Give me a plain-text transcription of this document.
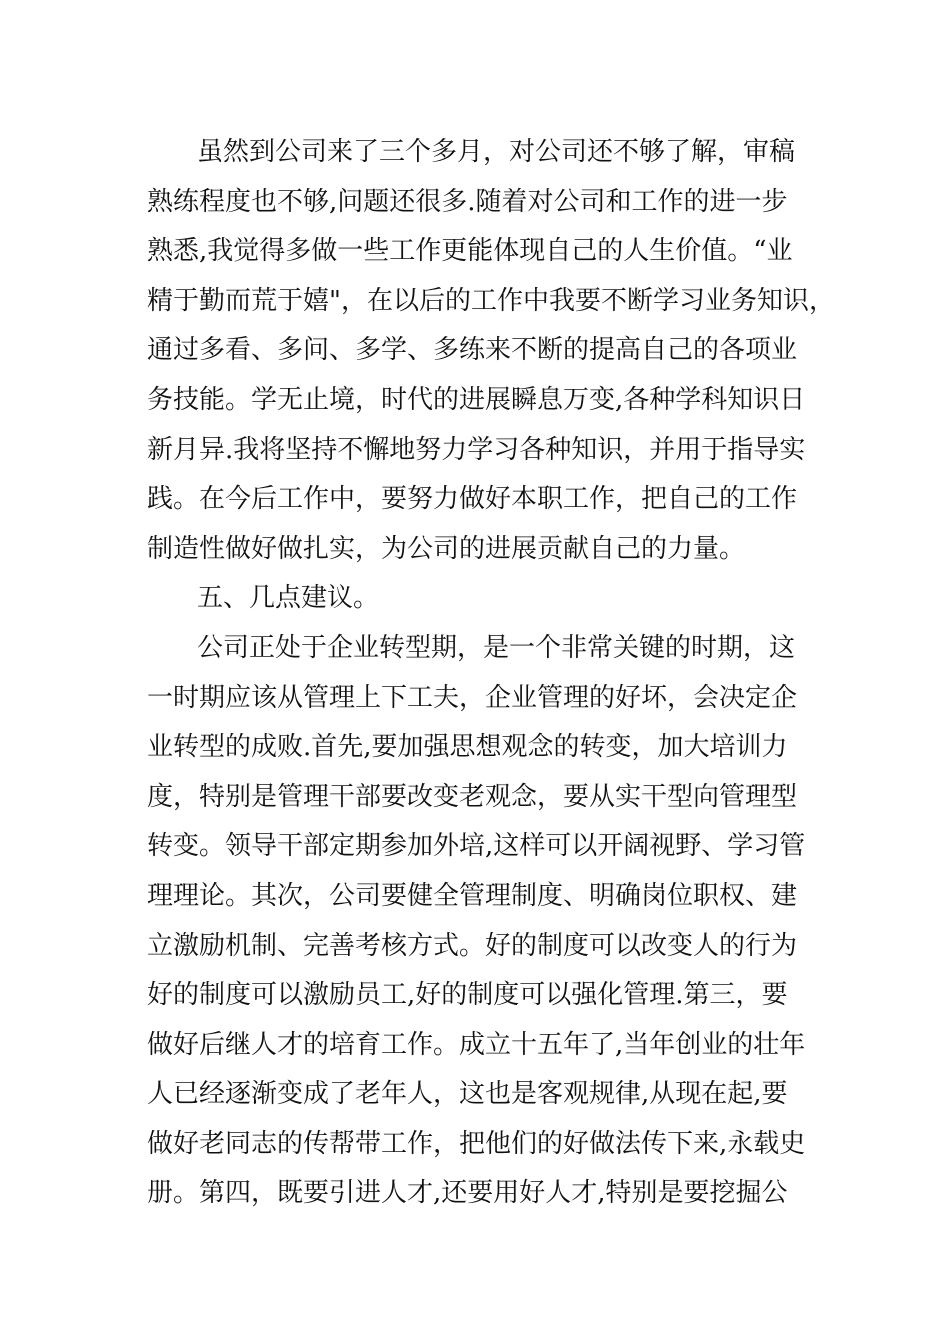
虽然到公司来了三个多月，对公司还不够了解，审稿
熟练程度也不够,问题还很多.随着对公司和工作的进一步
熟悉,我觉得多做一些工作更能体现自己的人生价值。“业
精于勤而荒于嬉"，在以后的工作中我要不断学习业务知识，
通过多看、多问、多学、多练来不断的提高自己的各项业
务技能。学无止境，时代的进展瞬息万变,各种学科知识日
新月异.我将坚持不懈地努力学习各种知识，并用于指导实
践。在今后工作中，要努力做好本职工作，把自己的工作
制造性做好做扎实，为公司的进展贡献自己的力量。
五、几点建议。
公司正处于企业转型期，是一个非常关键的时期，这
一时期应该从管理上下工夫，企业管理的好坏，会决定企
业转型的成败.首先,要加强思想观念的转变，加大培训力
度，特别是管理干部要改变老观念，要从实干型向管理型
转变。领导干部定期参加外培,这样可以开阔视野、学习管
理理论。其次，公司要健全管理制度、明确岗位职权、建
立激励机制、完善考核方式。好的制度可以改变人的行为
好的制度可以激励员工,好的制度可以强化管理.第三，要
做好后继人才的培育工作。成立十五年了,当年创业的壮年
人已经逐渐变成了老年人，这也是客观规律,从现在起,要
做好老同志的传帮带工作，把他们的好做法传下来,永载史
册。第四，既要引进人才,还要用好人才,特别是要挖掘公
